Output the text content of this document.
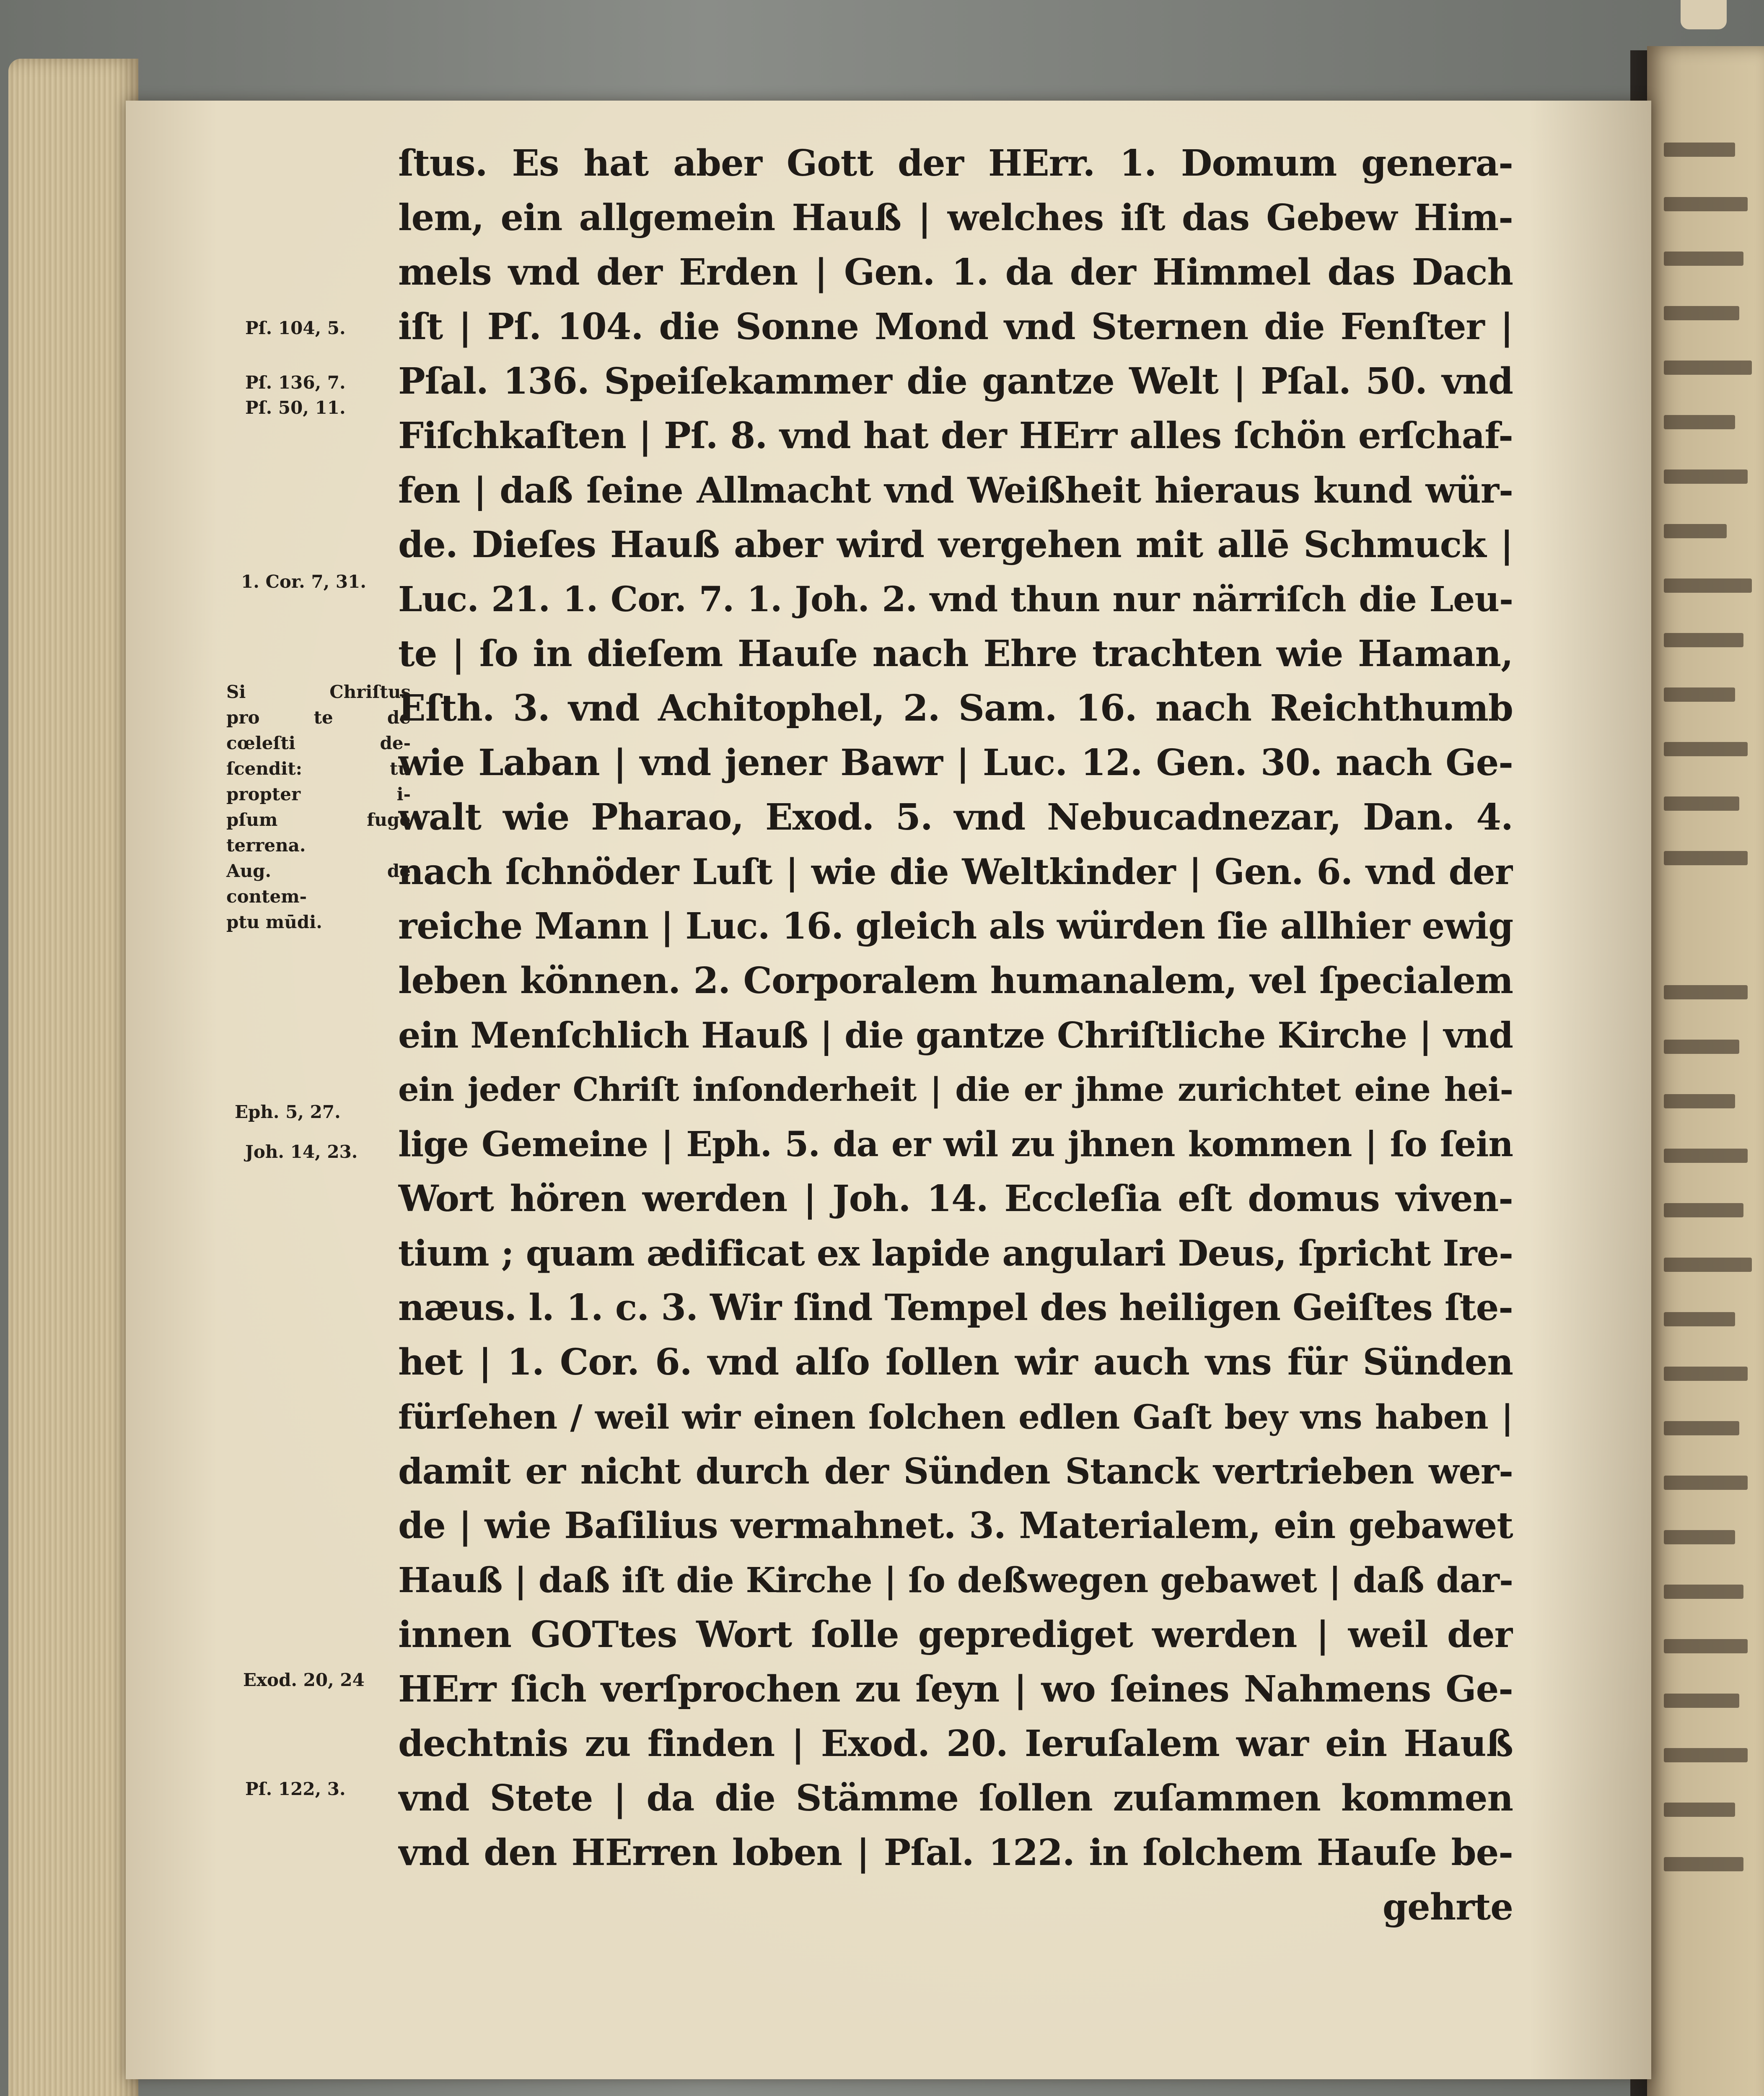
ſtus. Es hat aber Gott der HErr. 1. Domum genera-
lem, ein allgemein Hauß | welches iſt das Gebew Him-
mels vnd der Erden | Gen. 1. da der Himmel das Dach
iſt | Pſ. 104. die Sonne Mond vnd Sternen die Fenſter |
Pſal. 136. Speiſekammer die gantze Welt | Pſal. 50. vnd
Fiſchkaſten | Pſ. 8. vnd hat der HErr alles ſchön erſchaf-
fen | daß ſeine Allmacht vnd Weißheit hieraus kund wür-
de. Dieſes Hauß aber wird vergehen mit allē Schmuck |
Luc. 21. 1. Cor. 7. 1. Joh. 2. vnd thun nur närriſch die Leu-
te | ſo in dieſem Hauſe nach Ehre trachten wie Haman,
Eſth. 3. vnd Achitophel, 2. Sam. 16. nach Reichthumb
wie Laban | vnd jener Bawr | Luc. 12. Gen. 30. nach Ge-
walt wie Pharao, Exod. 5. vnd Nebucadnezar, Dan. 4.
nach ſchnöder Luſt | wie die Weltkinder | Gen. 6. vnd der
reiche Mann | Luc. 16. gleich als würden ſie allhier ewig
leben können. 2. Corporalem humanalem, vel ſpecialem
ein Menſchlich Hauß | die gantze Chriſtliche Kirche | vnd
ein jeder Chriſt inſonderheit | die er jhme zurichtet eine hei-
lige Gemeine | Eph. 5. da er wil zu jhnen kommen | ſo ſein
Wort hören werden | Joh. 14. Eccleſia eſt domus viven-
tium ; quam ædificat ex lapide angulari Deus, ſpricht Ire-
næus. l. 1. c. 3. Wir ſind Tempel des heiligen Geiſtes ſte-
het | 1. Cor. 6. vnd alſo ſollen wir auch vns für Sünden
fürſehen / weil wir einen ſolchen edlen Gaſt bey vns haben |
damit er nicht durch der Sünden Stanck vertrieben wer-
de | wie Baſilius vermahnet. 3. Materialem, ein gebawet
Hauß | daß iſt die Kirche | ſo deßwegen gebawet | daß dar-
innen GOTtes Wort ſolle geprediget werden | weil der
HErr ſich verſprochen zu ſeyn | wo ſeines Nahmens Ge-
dechtnis zu finden | Exod. 20. Ieruſalem war ein Hauß
vnd Stete | da die Stämme ſollen zuſammen kommen
vnd den HErren loben | Pſal. 122. in ſolchem Hauſe be-
gehrte
Pſ. 104, 5.
Pſ. 136, 7.
Pſ. 50, 11.
1. Cor. 7, 31.
Si Chriſtus
pro te de
cœleſti de-
ſcendit: tu
propter i-
pſum fuge
terrena.
Aug. de
contem-
ptu mūdi.
Eph. 5, 27.
Joh. 14, 23.
Exod. 20, 24
Pſ. 122, 3.
